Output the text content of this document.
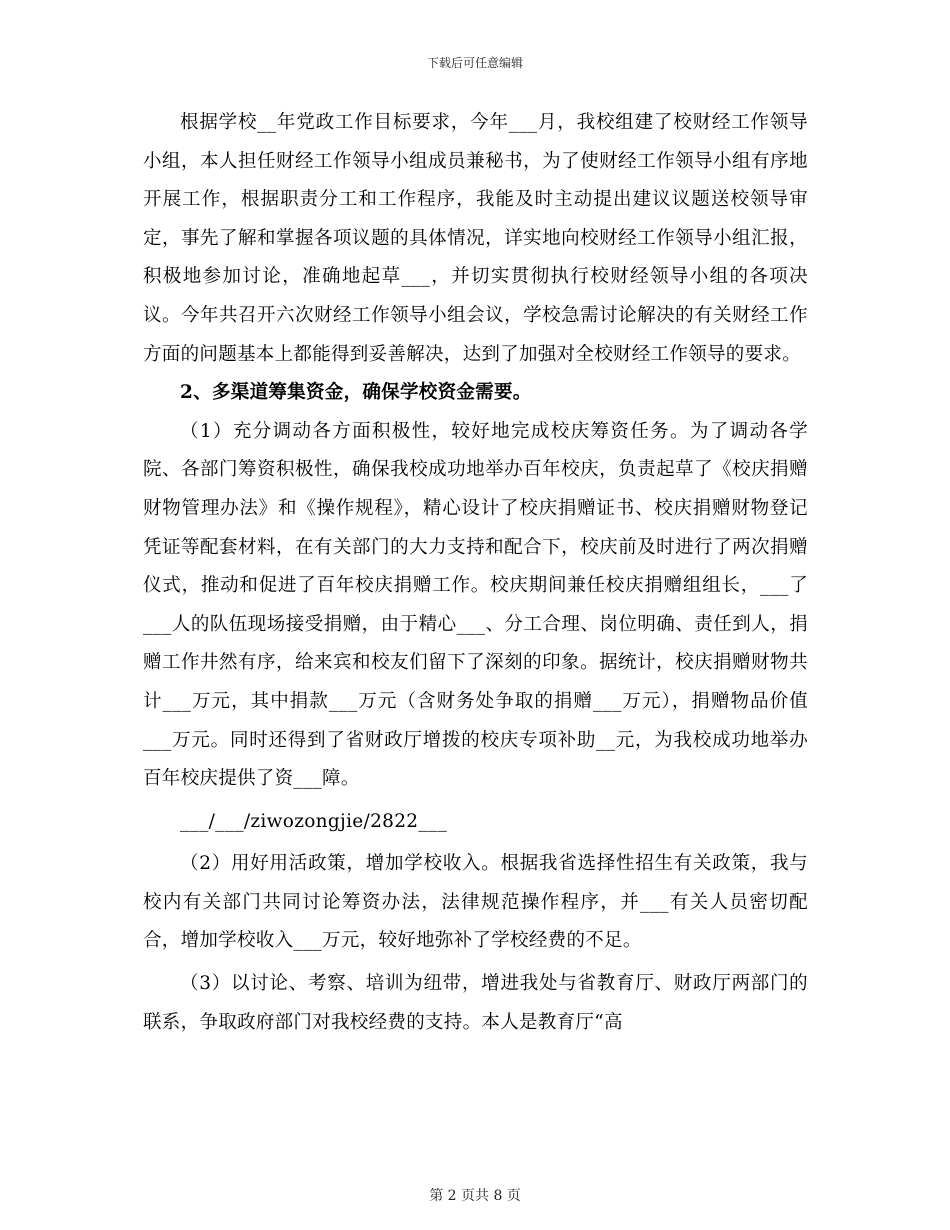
下载后可任意编辑

根据学校__年党政工作目标要求，今年___月，我校组建了校财经工作领导小组，本人担任财经工作领导小组成员兼秘书，为了使财经工作领导小组有序地开展工作，根据职责分工和工作程序，我能及时主动提出建议议题送校领导审定，事先了解和掌握各项议题的具体情况，详实地向校财经工作领导小组汇报，积极地参加讨论，准确地起草___，并切实贯彻执行校财经领导小组的各项决议。今年共召开六次财经工作领导小组会议，学校急需讨论解决的有关财经工作方面的问题基本上都能得到妥善解决，达到了加强对全校财经工作领导的要求。

2、多渠道筹集资金，确保学校资金需要。

（1）充分调动各方面积极性，较好地完成校庆筹资任务。为了调动各学院、各部门筹资积极性，确保我校成功地举办百年校庆，负责起草了《校庆捐赠财物管理办法》和《操作规程》，精心设计了校庆捐赠证书、校庆捐赠财物登记凭证等配套材料，在有关部门的大力支持和配合下，校庆前及时进行了两次捐赠仪式，推动和促进了百年校庆捐赠工作。校庆期间兼任校庆捐赠组组长，___了___人的队伍现场接受捐赠，由于精心___、分工合理、岗位明确、责任到人，捐赠工作井然有序，给来宾和校友们留下了深刻的印象。据统计，校庆捐赠财物共计___万元，其中捐款___万元（含财务处争取的捐赠___万元），捐赠物品价值___万元。同时还得到了省财政厅增拨的校庆专项补助__元，为我校成功地举办百年校庆提供了资___障。

___/___/ziwozongjie/2822___

（2）用好用活政策，增加学校收入。根据我省选择性招生有关政策，我与校内有关部门共同讨论筹资办法，法律规范操作程序，并___有关人员密切配合，增加学校收入___万元，较好地弥补了学校经费的不足。

（3）以讨论、考察、培训为纽带，增进我处与省教育厅、财政厅两部门的联系，争取政府部门对我校经费的支持。本人是教育厅“高

第 2 页共 8 页
